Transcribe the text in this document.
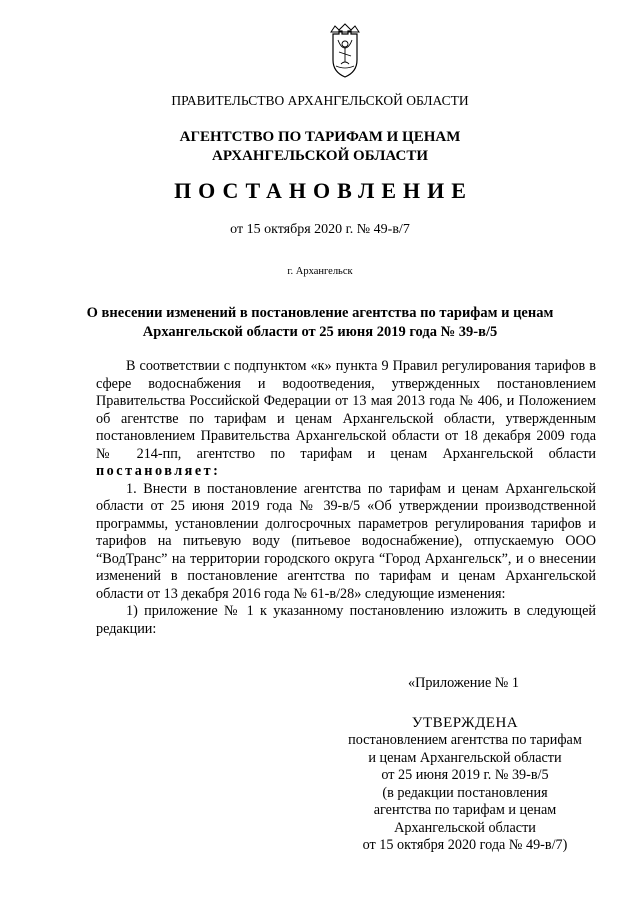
ПРАВИТЕЛЬСТВО АРХАНГЕЛЬСКОЙ ОБЛАСТИ
АГЕНТСТВО ПО ТАРИФАМ И ЦЕНАМ
АРХАНГЕЛЬСКОЙ ОБЛАСТИ
ПОСТАНОВЛЕНИЕ
от 15 октября 2020 г. № 49-в/7
г. Архангельск
О внесении изменений в постановление агентства по тарифам и ценам
Архангельской области от 25 июня 2019 года № 39-в/5

В соответствии с подпунктом «к» пункта 9 Правил регулирования тарифов в сфере водоснабжения и водоотведения, утвержденных постановлением Правительства Российской Федерации от 13 мая 2013 года № 406, и Положением об агентстве по тарифам и ценам Архангельской области, утвержденным постановлением Правительства Архангельской области от 18 декабря 2009 года № 214-пп, агентство по тарифам и ценам Архангельской области постановляет:

1. Внести в постановление агентства по тарифам и ценам Архангельской области от 25 июня 2019 года № 39-в/5 «Об утверждении производственной программы, установлении долгосрочных параметров регулирования тарифов и тарифов на питьевую воду (питьевое водоснабжение), отпускаемую ООО “ВодТранс” на территории городского округа “Город Архангельск”, и о внесении изменений в постановление агентства по тарифам и ценам Архангельской области от 13 декабря 2016 года № 61-в/28» следующие изменения:

1) приложение № 1 к указанному постановлению изложить в следующей редакции:

«Приложение № 1
УТВЕРЖДЕНА
постановлением агентства по тарифам
и ценам Архангельской области
от 25 июня 2019 г. № 39-в/5
(в редакции постановления
агентства по тарифам и ценам
Архангельской области
от 15 октября 2020 года № 49-в/7)
